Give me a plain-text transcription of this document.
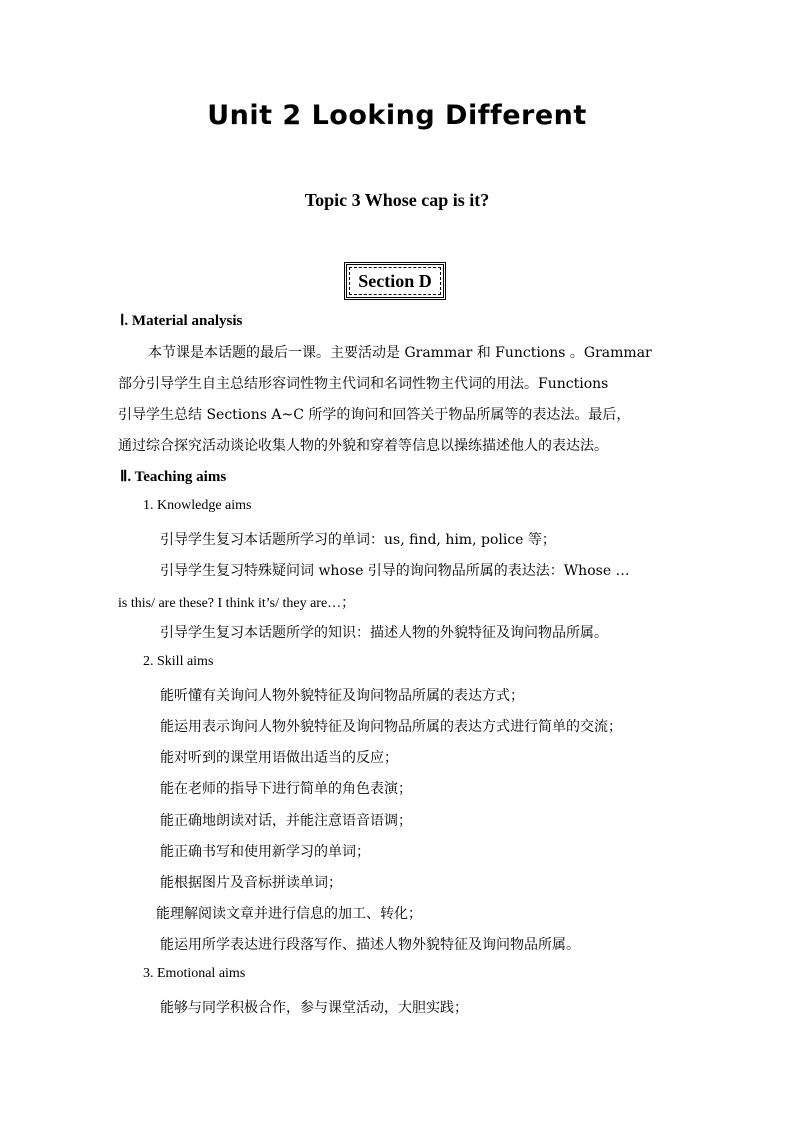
Unit 2 Looking Different
Topic 3 Whose cap is it?
Section D
Ⅰ. Material analysis
本节课是本话题的最后一课。主要活动是 Grammar 和 Functions 。Grammar
部分引导学生自主总结形容词性物主代词和名词性物主代词的用法。Functions
引导学生总结 Sections A~C 所学的询问和回答关于物品所属等的表达法。最后，
通过综合探究活动谈论收集人物的外貌和穿着等信息以操练描述他人的表达法。
Ⅱ. Teaching aims
1. Knowledge aims
引导学生复习本话题所学习的单词：us, find, him, police 等；
引导学生复习特殊疑问词 whose 引导的询问物品所属的表达法：Whose …
is this/ are these? I think it’s/ they are…；
引导学生复习本话题所学的知识：描述人物的外貌特征及询问物品所属。
2. Skill aims
能听懂有关询问人物外貌特征及询问物品所属的表达方式；
能运用表示询问人物外貌特征及询问物品所属的表达方式进行简单的交流；
能对听到的课堂用语做出适当的反应；
能在老师的指导下进行简单的角色表演；
能正确地朗读对话，并能注意语音语调；
能正确书写和使用新学习的单词；
能根据图片及音标拼读单词；
能理解阅读文章并进行信息的加工、转化；
能运用所学表达进行段落写作、描述人物外貌特征及询问物品所属。
3. Emotional aims
能够与同学积极合作，参与课堂活动，大胆实践；
